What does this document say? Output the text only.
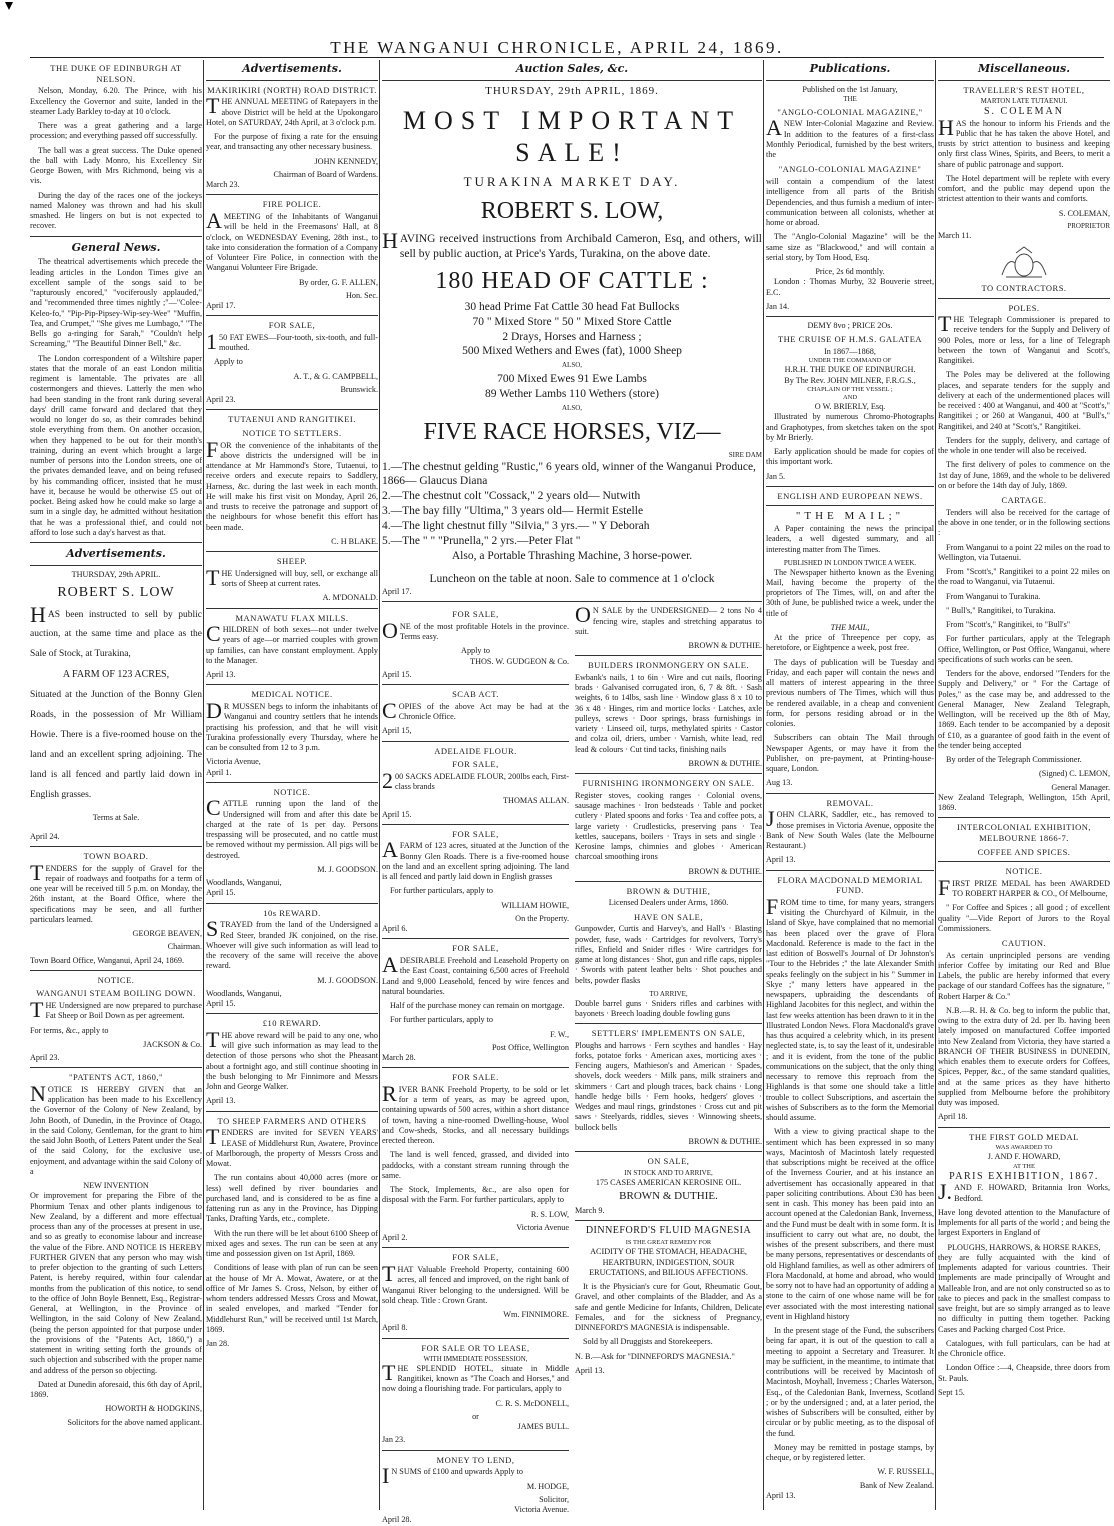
THE WANGANUI CHRONICLE, APRIL 24, 1869.
THE DUKE OF EDINBURGH AT NELSON.

Nelson, Monday, 6.20. The Prince, with his Excellency the Governor and suite, landed in the steamer Lady Barkley to-day at 10 o'clock.

There was a great gathering and a large procession; and everything passed off successfully.

The ball was a great success. The Duke opened the ball with Lady Monro, his Excellency Sir George Bowen, with Mrs Richmond, being vis a vis.

During the day of the races one of the jockeys named Maloney was thrown and had his skull smashed. He lingers on but is not expected to recover.

General News.

The theatrical advertisements which precede the leading articles in the London Times give an excellent sample of the songs said to be "rapturously encored," "vociferously applauded," and "recommended three times nightly ;"—"Colee-Keleo-fo," "Pip-Pip-Pipsey-Wip-sey-Wee" "Muffin, Tea, and Crumpet," "She gives me Lumbago," "The Bells go a-ringing for Sarah," "Couldn't help Screaming," "The Beautiful Dinner Bell," &c.

The London correspondent of a Wiltshire paper states that the morale of an east London militia regiment is lamentable. The privates are all costermongers and thieves. Latterly the men who had been standing in the front rank during several days' drill came forward and declared that they would no longer do so, as their comrades behind stole everything from them. On another occasion, when they happened to be out for their month's training, during an event which brought a large number of persons into the London streets, one of the privates demanded leave, and on being refused by his commanding officer, insisted that he must have it, because he would be otherwise £5 out of pocket. Being asked how he could make so large a sum in a single day, he admitted without hesitation that he was a professional thief, and could not afford to lose such a day's harvest as that.

Advertisements.
THURSDAY, 29th APRIL.
ROBERT S. LOW

HAS been instructed to sell by public auction, at the same time and place as the Sale of Stock, at Turakina,

A FARM OF 123 ACRES,

Situated at the Junction of the Bonny Glen Roads, in the possession of Mr William Howie. There is a five-roomed house on the land and an excellent spring adjoining. The land is all fenced and partly laid down in English grasses.

Terms at Sale.
April 24.
TOWN BOARD.

TENDERS for the supply of Gravel for the repair of roadways and footpaths for a term of one year will be received till 5 p.m. on Monday, the 26th instant, at the Board Office, where the specifications may be seen, and all further particulars learned.

GEORGE BEAVEN,
Chairman.

Town Board Office, Wanganui, April 24, 1869.

NOTICE.
WANGANUI STEAM BOILING DOWN.

THE Undersigned are now prepared to purchase Fat Sheep or Boil Down as per agreement.

For terms, &c., apply to

JACKSON & Co.
April 23.
"PATENTS ACT, 1860,"

NOTICE IS HEREBY GIVEN that an application has been made to his Excellency the Governor of the Colony of New Zealand, by John Booth, of Dunedin, in the Province of Otago, in the said Colony, Gentleman, for the grant to him the said John Booth, of Letters Patent under the Seal of the said Colony, for the exclusive use, enjoyment, and advantage within the said Colony of a

NEW INVENTION

Or improvement for preparing the Fibre of the Phormium Tenax and other plants indigenous to New Zealand, by a different and more effectual process than any of the processes at present in use, and so as greatly to economise labour and increase the value of the Fibre. AND NOTICE IS HEREBY FURTHER GIVEN that any person who may wish to prefer objection to the granting of such Letters Patent, is hereby required, within four calendar months from the publication of this notice, to send to the office of John Boyle Bennett, Esq., Registrar-General, at Wellington, in the Province of Wellington, in the said Colony of New Zealand, (being the person appointed for that purpose under the provisions of the "Patents Act, 1860,") a statement in writing setting forth the grounds of such objection and subscribed with the proper name and address of the person so objecting.

Dated at Dunedin aforesaid, this 6th day of April, 1869.

HOWORTH & HODGKINS,
Solicitors for the above named applicant.
Advertisements.
MAKIRIKIRI (NORTH) ROAD DISTRICT.

THE ANNUAL MEETING of Ratepayers in the above District will be held at the Upokongaro Hotel, on SATURDAY, 24th April, at 3 o'clock p.m.

For the purpose of fixing a rate for the ensuing year, and transacting any other necessary business.

JOHN KENNEDY,
Chairman of Board of Wardens.
March 23.
FIRE POLICE.

AMEETING of the Inhabitants of Wanganui will be held in the Freemasons' Hall, at 8 o'clock, on WEDNESDAY Evening, 28th inst., to take into consideration the formation of a Company of Volunteer Fire Police, in connection with the Wanganui Volunteer Fire Brigade.

By order, G. F. ALLEN,
Hon. Sec.
April 17.
FOR SALE,

150 FAT EWES—Four-tooth, six-tooth, and full-mouthed.

Apply to

A. T., & G. CAMPBELL,
Brunswick.
April 23.
TUTAENUI AND RANGITIKEI.
NOTICE TO SETTLERS.

FOR the convenience of the inhabitants of the above districts the undersigned will be in attendance at Mr Hammond's Store, Tutaenui, to receive orders and execute repairs to Saddlery, Harness, &c. during the last week in each month. He will make his first visit on Monday, April 26, and trusts to receive the patronage and support of the neighbours for whose benefit this effort has been made.

C. H BLAKE.
SHEEP.

THE Undersigned will buy, sell, or exchange all sorts of Sheep at current rates.

A. M'DONALD.
MANAWATU FLAX MILLS.

CHILDREN of both sexes—not under twelve years of age—or married couples with grown up families, can have constant employment. Apply to the Manager.

April 13.
MEDICAL NOTICE.

DR MUSSEN begs to inform the inhabitants of Wanganui and country settlers that he intends practising his profession, and that he will visit Turakina professionally every Thursday, where he can be consulted from 12 to 3 p.m.

Victoria Avenue,
April 1.
NOTICE.

CATTLE running upon the land of the Undersigned will from and after this date be charged at the rate of 1s per day. Persons trespassing will be prosecuted, and no cattle must be removed without my permission. All pigs will be destroyed.

M. J. GOODSON.
Woodlands, Wanganui,
April 15.
10s REWARD.

STRAYED from the land of the Undersigned a Red Steer, branded JK conjoined, on the rise. Whoever will give such information as will lead to the recovery of the same will receive the above reward.

M. J. GOODSON.
Woodlands, Wanganui,
April 15.
£10 REWARD.

THE above reward will be paid to any one, who will give such information as may lead to the detection of those persons who shot the Pheasant about a fortnight ago, and still continue shooting in the bush belonging to Mr Finnimore and Messrs John and George Walker.

April 13.
TO SHEEP FARMERS AND OTHERS

TENDERS are invited for SEVEN YEARS' LEASE of Middlehurst Run, Awatere, Province of Marlborough, the property of Messrs Cross and Mowat.

The run contains about 40,000 acres (more or less) well defined by river boundaries and purchased land, and is considered to be as fine a fattening run as any in the Province, has Dipping Tanks, Drafting Yards, etc., complete.

With the run there will be let about 6100 Sheep of mixed ages and sexes. The run can be seen at any time and possession given on 1st April, 1869.

Conditions of lease with plan of run can be seen at the house of Mr A. Mowat, Awatere, or at the office of Mr James S. Cross, Nelson, by either of whom tenders addressed Messrs Cross and Mowat, in sealed envelopes, and marked "Tender for Middlehurst Run," will be received until 1st March, 1869.

Jan 28.
Auction Sales, &c.
THURSDAY, 29th APRIL, 1869.
MOST IMPORTANT SALE!
TURAKINA MARKET DAY.
ROBERT S. LOW,

HAVING received instructions from Archibald Cameron, Esq, and others, will sell by public auction, at Price's Yards, Turakina, on the above date.

180 HEAD OF CATTLE :
30 head Prime Fat Cattle 30 head Fat Bullocks
70 " Mixed Store " 50 " Mixed Store Cattle
2 Drays, Horses and Harness ;
500 Mixed Wethers and Ewes (fat), 1000 Sheep
ALSO,
700 Mixed Ewes 91 Ewe Lambs
89 Wether Lambs 110 Wethers (store)
ALSO,
FIVE RACE HORSES, VIZ—
SIRE DAM
1.—The chestnut gelding "Rustic," 6 years old, winner of the Wanganui Produce, 1866— Glaucus Diana
2.—The chestnut colt "Cossack," 2 years old— Nutwith
3.—The bay filly "Ultima," 3 years old— Hermit Estelle
4.—The light chestnut filly "Silvia," 3 yrs.— " Y Deborah
5.—The " " "Prunella," 2 yrs.—Peter Flat "
Also, a Portable Thrashing Machine, 3 horse-power.
Luncheon on the table at noon. Sale to commence at 1 o'clock
April 17.
FOR SALE,

ONE of the most profitable Hotels in the province. Terms easy.

Apply to
THOS. W. GUDGEON & Co.
April 15.
SCAB ACT.

COPIES of the above Act may be had at the Chronicle Office.

April 15,
ADELAIDE FLOUR.
FOR SALE,

200 SACKS ADELAIDE FLOUR, 200lbs each, First-class brands

THOMAS ALLAN.
April 15.
FOR SALE,

AFARM of 123 acres, situated at the Junction of the Bonny Glen Roads. There is a five-roomed house on the land and an excellent spring adjoining. The land is all fenced and partly laid down in English grasses

For further particulars, apply to

WILLIAM HOWIE,
On the Property.
April 6.
FOR SALE,

ADESIRABLE Freehold and Leasehold Property on the East Coast, containing 6,500 acres of Freehold Land and 9,000 Leasehold, fenced by wire fences and natural boundaries.

Half of the purchase money can remain on mortgage.

For further particulars, apply to

F. W.,
Post Office, Wellington
March 28.
FOR SALE.

RIVER BANK Freehold Property, to be sold or let for a term of years, as may be agreed upon, containing upwards of 500 acres, within a short distance of town, having a nine-roomed Dwelling-house, Wool and Cow-sheds, Stocks, and all necessary buildings erected thereon.

The land is well fenced, grassed, and divided into paddocks, with a constant stream running through the same.

The Stock, Implements, &c., are also open for disposal with the Farm. For further particulars, apply to

R. S. LOW,
Victoria Avenue
April 2.
FOR SALE,

THAT Valuable Freehold Property, containing 600 acres, all fenced and improved, on the right bank of Wanganui River belonging to the undersigned. Will be sold cheap. Title : Crown Grant.

Wm. FINNIMORE.
April 8.
FOR SALE OR TO LEASE,
WITH IMMEDIATE POSSESSION,

THE SPLENDID HOTEL, situate in Middle Rangitikei, known as "The Coach and Horses," and now doing a flourishing trade. For particulars, apply to

C. R. S. McDONELL,
or
JAMES BULL.
Jan 23.
MONEY TO LEND,

IN SUMS of £100 and upwards Apply to

M. HODGE,
Solicitor,
Victoria Avenue.
April 28.

ON SALE by the UNDERSIGNED— 2 tons No 4 fencing wire, staples and stretching apparatus to suit.

BROWN & DUTHIE.
BUILDERS IRONMONGERY ON SALE.

Ewbank's nails, 1 to 6in · Wire and cut nails, flooring brads · Galvanised corrugated iron, 6, 7 & 8ft. · Sash weights, 6 to 14lbs, sash line · Window glass 8 x 10 to 36 x 48 · Hinges, rim and mortice locks · Latches, axle pulleys, screws · Door springs, brass furnishings in variety · Linseed oil, turps, methylated spirits · Castor and colza oil, driers, umber · Varnish, white lead, red lead & colours · Cut tind tacks, finishing nails

BROWN & DUTHIE.
FURNISHING IRONMONGERY ON SALE.

Register stoves, cooking ranges · Colonial ovens, sausage machines · Iron bedsteads · Table and pocket cutlery · Plated spoons and forks · Tea and coffee pots, a large variety · Crudlesticks, preserving pans · Tea kettles, saucepans, boilers · Trays in sets and single · Kerosine lamps, chimnies and globes · American charcoal smoothing irons

BROWN & DUTHIE.
BROWN & DUTHIE,
Licensed Dealers under Arms, 1860.
HAVE ON SALE,

Gunpowder, Curtis and Harvey's, and Hall's · Blasting powder, fuse, wads · Cartridges for revolvers, Torry's rifles, Enfield and Snider rifles · Wire cartridges for game at long distances · Shot, gun and rifle caps, nipples · Swords with patent leather belts · Shot pouches and belts, powder flasks

TO ARRIVE,

Double barrel guns · Sniders rifles and carbines with bayonets · Breech loading double fowling guns

SETTLERS' IMPLEMENTS ON SALE,

Ploughs and harrows · Fern scythes and handles · Hay forks, potatoe forks · American axes, morticing axes · Fencing augers, Mathieson's and American · Spades, shovels, dock weeders · Milk pans, milk strainers and skimmers · Cart and plough traces, back chains · Long handle hedge bills · Fern hooks, hedgers' gloves · Wedges and maul rings, grindstones · Cross cut and pit saws · Steelyards, riddles, sieves · Winnowing sheets, bullock bells

BROWN & DUTHIE.
ON SALE,
IN STOCK AND TO ARRIVE,
175 CASES AMERICAN KEROSINE OIL.
BROWN & DUTHIE.
March 9.
DINNEFORD'S FLUID MAGNESIA
IS THE GREAT REMEDY FOR

ACIDITY OF THE STOMACH, HEADACHE, HEARTBURN, INDIGESTION, SOUR ERUCTATIONS, and BILIOUS AFFECTIONS.

It is the Physician's cure for Gout, Rheumatic Gout, Gravel, and other complaints of the Bladder, and As a safe and gentle Medicine for Infants, Children, Delicate Females, and for the sickness of Pregnancy, DINNEFORD'S MAGNESIA is indispensable.

Sold by all Druggists and Storekeepers.

N. B.—Ask for "DINNEFORD'S MAGNESIA."

April 13.
Publications.
Published on the 1st January,
THE
"ANGLO-COLONIAL MAGAZINE,"

ANEW Inter-Colonial Magazine and Review. In addition to the features of a first-class Monthly Periodical, furnished by the best writers, the

"ANGLO-COLONIAL MAGAZINE"

will contain a compendium of the latest intelligence from all parts of the British Dependencies, and thus furnish a medium of inter-communication between all colonists, whether at home or abroad.

The "Anglo-Colonial Magazine" will be the same size as "Blackwood," and will contain a serial story, by Tom Hood, Esq.

Price, 2s 6d monthly.

London : Thomas Murby, 32 Bouverie street, E.C.

Jan 14.
DEMY 8vo ; PRICE 2Os.
THE CRUISE OF H.M.S. GALATEA
In 1867—1868,
UNDER THE COMMAND OF
H.R.H. THE DUKE OF EDINBURGH.
By The Rev. JOHN MILNER, F.R.G.S.,
CHAPLAIN OF THE VESSEL ;
AND
O W. BRIERLY, Esq.

Illustrated by numerous Chromo-Photographs and Graphotypes, from sketches taken on the spot by Mr Brierly.

Early application should be made for copies of this important work.

Jan 5.
ENGLISH AND EUROPEAN NEWS.
"THE MAIL;"

A Paper containing the news the principal leaders, a well digested summary, and all interesting matter from The Times.

PUBLISHED IN LONDON TWICE A WEEK.

The Newspaper hitherto known as the Evening Mail, having become the property of the proprietors of The Times, will, on and after the 30th of June, be published twice a week, under the title of

THE MAIL,

At the price of Threepence per copy, as heretofore, or Eightpence a week, post free.

The days of publication will be Tuesday and Friday, and each paper will contain the news and all matters of interest appearing in the three previous numbers of The Times, which will thus be rendered available, in a cheap and convenient form, for persons residing abroad or in the colonies.

Subscribers can obtain The Mail through Newspaper Agents, or may have it from the Publisher, on pre-payment, at Printing-house-square, London.

Aug 13.
REMOVAL.

JOHN CLARK, Saddler, etc., has removed to those premises in Victoria Avenue, opposite the Bank of New South Wales (late the Melbourne Restaurant.)

April 13.
FLORA MACDONALD MEMORIAL FUND.

FROM time to time, for many years, strangers visiting the Churchyard of Kilmuir, in the Island of Skye, have complained that no memorial has been placed over the grave of Flora Macdonald. Reference is made to the fact in the last edition of Boswell's Journal of Dr Johnston's "Tour to the Hebrides ;" the late Alexander Smith speaks feelingly on the subject in his " Summer in Skye ;" many letters have appeared in the newspapers, upbraiding the descendants of Highland Jacobites for this neglect, and within the last few weeks attention has been drawn to it in the Illustrated London News. Flora Macdonald's grave has thus acquired a celebrity which, in its present neglected state, is, to say the least of it, undesirable ; and it is evident, from the tone of the public communications on the subject, that the only thing necessary to remove this reproach from the Highlands is that some one should take a little trouble to collect Subscriptions, and ascertain the wishes of Subscribers as to the form the Memorial should assume.

With a view to giving practical shape to the sentiment which has been expressed in so many ways, Macintosh of Macintosh lately requested that subscriptions might be received at the office of the Inverness Courier, and at his instance an advertisement has occasionally appeared in that paper soliciting contributions. About £30 has been sent in cash. This money has been paid into an account opened at the Caledonian Bank, Inverness, and the Fund must be dealt with in some form. It is insufficient to carry out what are, no doubt, the wishes of the present subscribers, and there must be many persons, representatives or descendants of old Highland families, as well as other admirers of Flora Macdonald, at home and abroad, who would be sorry not to have had an opportunity of adding a stone to the cairn of one whose name will be for ever associated with the most interesting national event in Highland history

In the present stage of the Fund, the subscribers being far apart, it is out of the question to call a meeting to appoint a Secretary and Treasurer. It may be sufficient, in the meantime, to intimate that contributions will be received by Macintosh of Macintosh, Moyhall, Inverness ; Charles Waterson, Esq., of the Caledonian Bank, Inverness, Scotland ; or by the undersigned ; and, at a later period, the wishes of Subscribers will be consulted, either by circular or by public meeting, as to the disposal of the fund.

Money may be remitted in postage stamps, by cheque, or by registered letter.

W. F. RUSSELL,
Bank of New Zealand.
April 13.
Miscellaneous.
TRAVELLER'S REST HOTEL,
MARTON LATE TUTAENUI.
S. COLEMAN

HAS the honour to inform his Friends and the Public that he has taken the above Hotel, and trusts by strict attention to business and keeping only first class Wines, Spirits, and Beers, to merit a share of public patronage and support.

The Hotel department will be replete with every comfort, and the public may depend upon the strictest attention to their wants and comforts.

S. COLEMAN,
PROPRIETOR
March 11.
TO CONTRACTORS.
POLES.

THE Telegraph Commissioner is prepared to receive tenders for the Supply and Delivery of 900 Poles, more or less, for a line of Telegraph between the town of Wanganui and Scott's, Rangitikei.

The Poles may be delivered at the following places, and separate tenders for the supply and delivery at each of the undermentioned places will be received : 400 at Wanganui, and 400 at "Scott's," Rangitikei ; or 260 at Wanganui, 400 at "Bull's," Rangitikei, and 240 at "Scott's," Rangitikei.

Tenders for the supply, delivery, and cartage of the whole in one tender will also be received.

The first delivery of poles to commence on the 1st day of June, 1869, and the whole to be delivered on or before the 14th day of July, 1869.

CARTAGE.

Tenders will also be received for the cartage of the above in one tender, or in the following sections :

From Wanganui to a point 22 miles on the road to Wellington, via Tutaenui.

From "Scott's," Rangitikei to a point 22 miles on the road to Wanganui, via Tutaenui.

From Wanganui to Turakina.

" Bull's," Rangitikei, to Turakina.

From "Scott's," Rangitikei, to "Bull's"

For further particulars, apply at the Telegraph Office, Wellington, or Post Office, Wanganui, where specifications of such works can be seen.

Tenders for the above, endorsed "Tenders for the Supply and Delivery," or " For the Cartage of Poles," as the case may be, and addressed to the General Manager, New Zealand Telegraph, Wellington, will be received up the 8th of May, 1869. Each tender to be accompanied by a deposit of £10, as a guarantee of good faith in the event of the tender being accepted

By order of the Telegraph Commissioner.

(Signed) C. LEMON,
General Manager.

New Zealand Telegraph, Wellington, 15th April, 1869.

INTERCOLONIAL EXHIBITION, MELBOURNE 1866-7.
COFFEE AND SPICES.
NOTICE.

FIRST PRIZE MEDAL has been AWARDED TO ROBERT HARPER & CO., Of Melbourne,

" For Coffee and Spices ; all good ; of excellent quality "—Vide Report of Jurors to the Royal Commissioners.

CAUTION.

As certain unprincipled persons are vending inferior Coffee by imitating our Red and Blue Labels, the public are hereby informed that every package of our standard Coffees has the signature, " Robert Harper & Co."

N.B.—R. H. & Co. beg to inform the public that, owing to the extra duty of 2d. per lb. having been lately imposed on manufactured Coffee imported into New Zealand from Victoria, they have started a BRANCH OF THEIR BUSINESS in DUNEDIN, which enables them to execute orders for Coffees, Spices, Pepper, &c., of the same standard qualities, and at the same prices as they have hitherto supplied from Melbourne before the prohibitory duty was imposed.

April 18.
THE FIRST GOLD MEDAL
WAS AWARDED TO
J. AND F. HOWARD,
AT THE
PARIS EXHIBITION, 1867.

J.AND F. HOWARD, Britannia Iron Works, Bedford.

Have long devoted attention to the Manufacture of Implements for all parts of the world ; and being the largest Exporters in England of

PLOUGHS, HARROWS, & HORSE RAKES,

they are fully acquainted with the kind of Implements adapted for various countries. Their Implements are made principally of Wrought and Malleable Iron, and are not only constructed so as to take to pieces and pack in the smallest compass to save freight, but are so simply arranged as to leave no difficulty in putting them together. Packing Cases and Packing charged Cost Price.

Catalogues, with full particulars, can be had at the Chronicle office.

London Office :—4, Cheapside, three doors from St. Pauls.

Sept 15.
